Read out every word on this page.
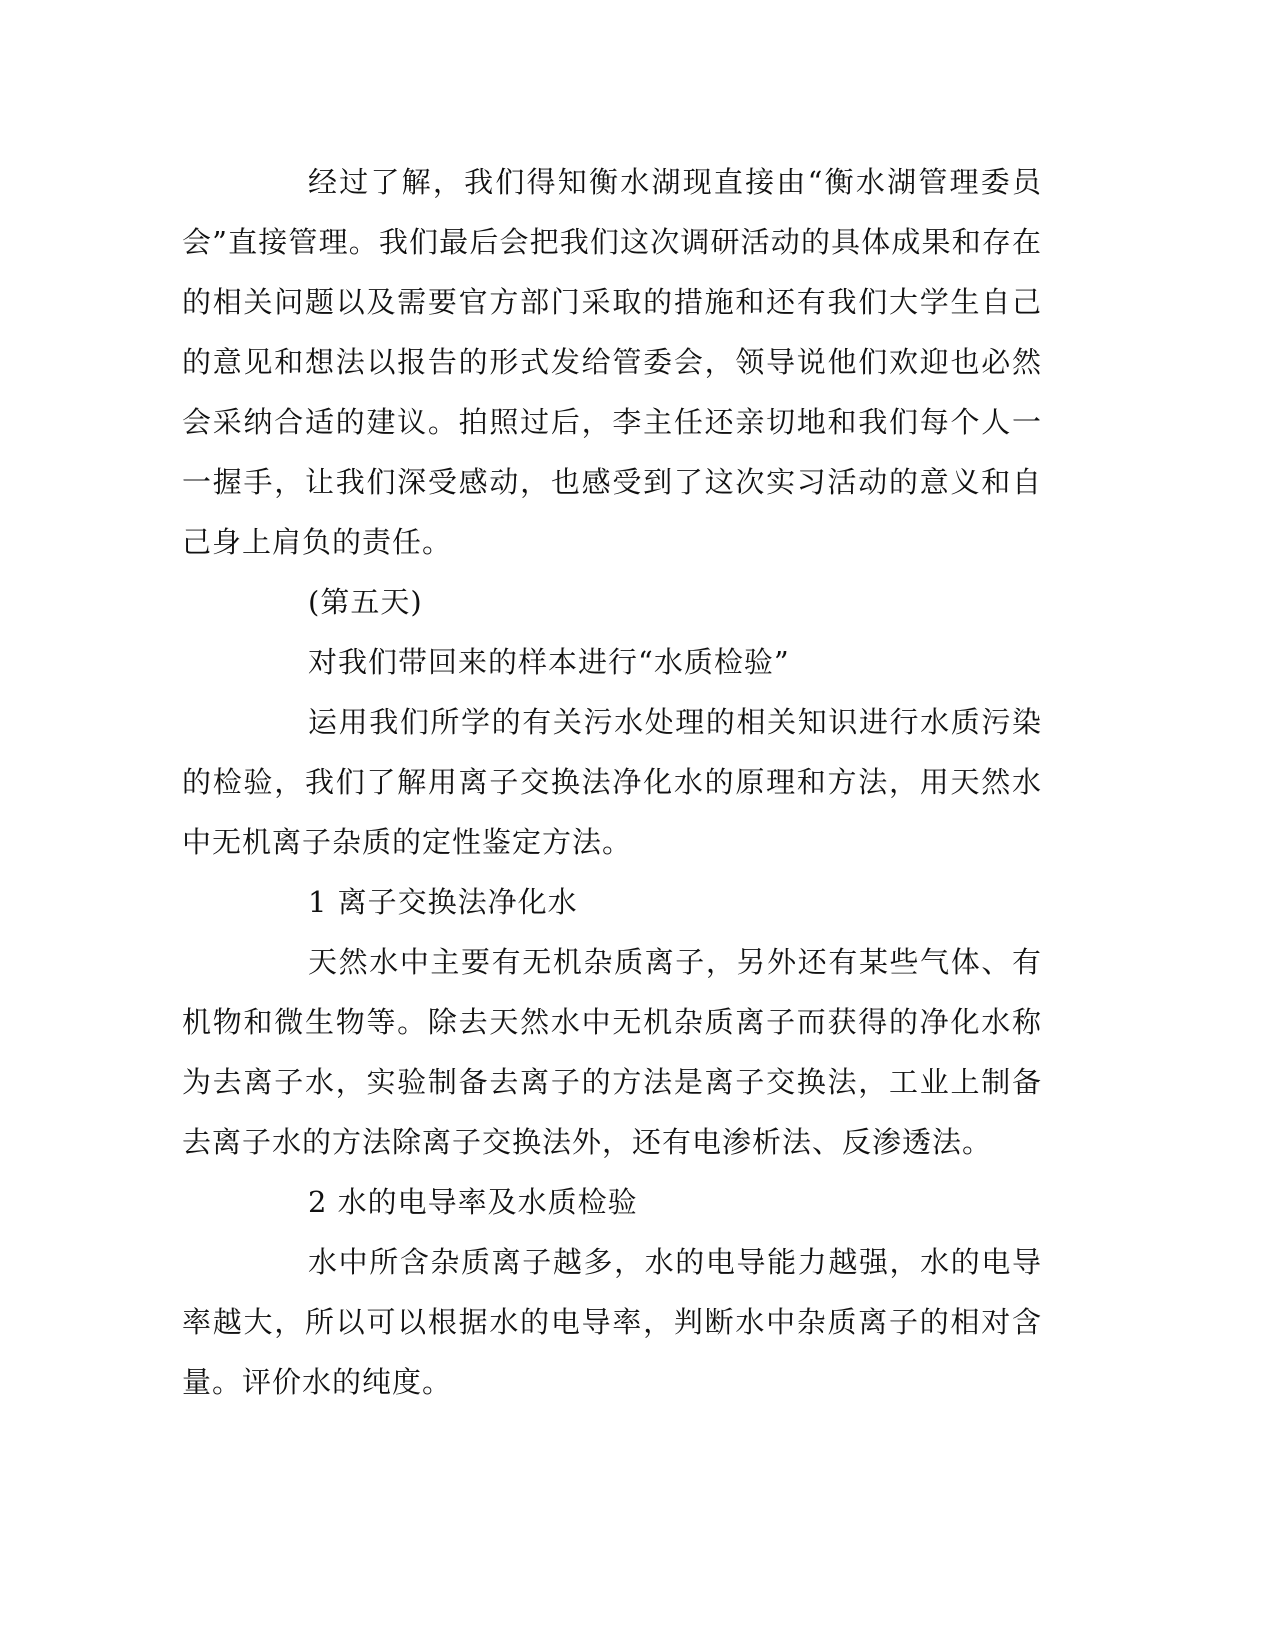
经过了解，我们得知衡水湖现直接由“衡水湖管理委员会”直接管理。我们最后会把我们这次调研活动的具体成果和存在的相关问题以及需要官方部门采取的措施和还有我们大学生自己的意见和想法以报告的形式发给管委会，领导说他们欢迎也必然会采纳合适的建议。拍照过后，李主任还亲切地和我们每个人一一握手，让我们深受感动，也感受到了这次实习活动的意义和自己身上肩负的责任。

(第五天)

对我们带回来的样本进行“水质检验”

运用我们所学的有关污水处理的相关知识进行水质污染的检验，我们了解用离子交换法净化水的原理和方法，用天然水中无机离子杂质的定性鉴定方法。

1 离子交换法净化水

天然水中主要有无机杂质离子，另外还有某些气体、有机物和微生物等。除去天然水中无机杂质离子而获得的净化水称为去离子水，实验制备去离子的方法是离子交换法，工业上制备去离子水的方法除离子交换法外，还有电渗析法、反渗透法。

2 水的电导率及水质检验

水中所含杂质离子越多，水的电导能力越强，水的电导率越大，所以可以根据水的电导率，判断水中杂质离子的相对含量。评价水的纯度。
